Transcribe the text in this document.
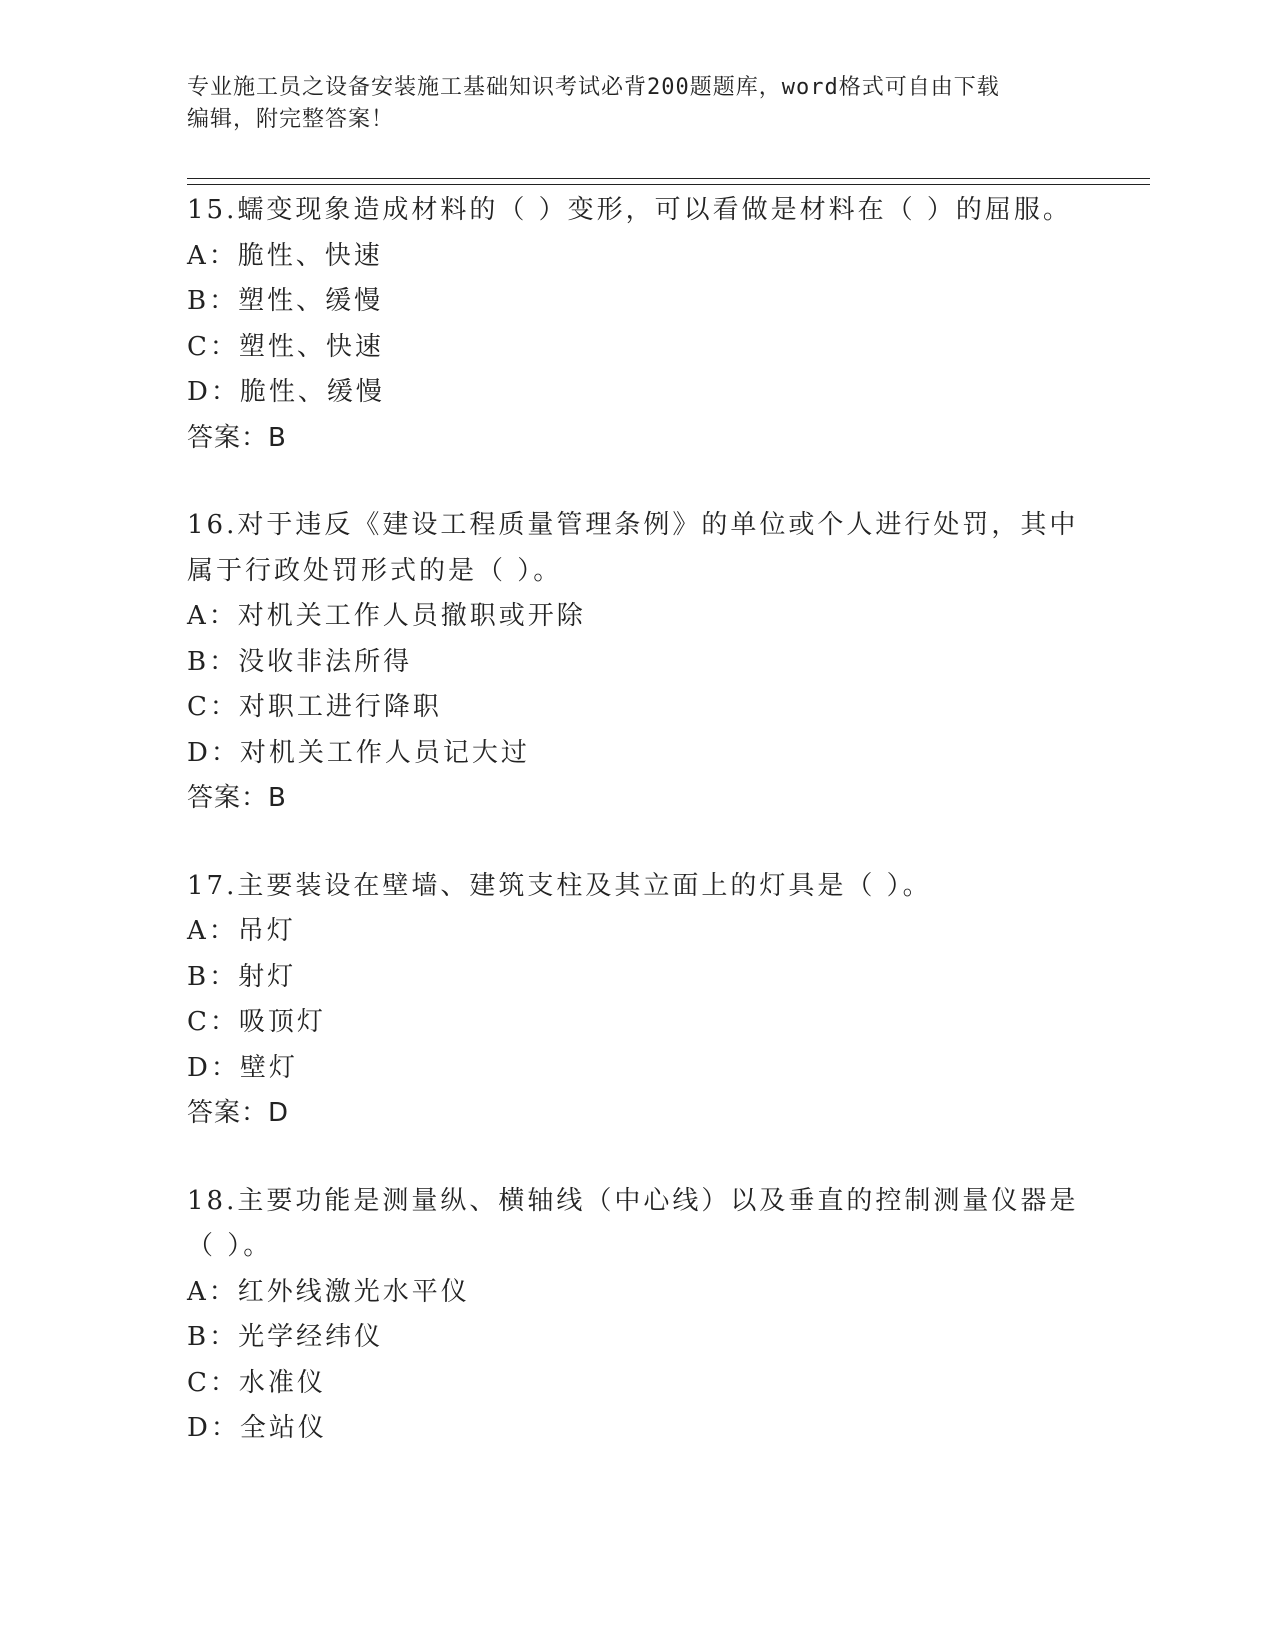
专业施工员之设备安装施工基础知识考试必背200题题库，word格式可自由下载
编辑，附完整答案！
15.蠕变现象造成材料的（ ）变形，可以看做是材料在（ ）的屈服。
A：脆性、快速
B：塑性、缓慢
C：塑性、快速
D：脆性、缓慢
答案：B
16.对于违反《建设工程质量管理条例》的单位或个人进行处罚，其中
属于行政处罚形式的是（ ）。
A：对机关工作人员撤职或开除
B：没收非法所得
C：对职工进行降职
D：对机关工作人员记大过
答案：B
17.主要装设在壁墙、建筑支柱及其立面上的灯具是（ ）。
A：吊灯
B：射灯
C：吸顶灯
D：壁灯
答案：D
18.主要功能是测量纵、横轴线（中心线）以及垂直的控制测量仪器是
（ ）。
A：红外线激光水平仪
B：光学经纬仪
C：水准仪
D：全站仪
